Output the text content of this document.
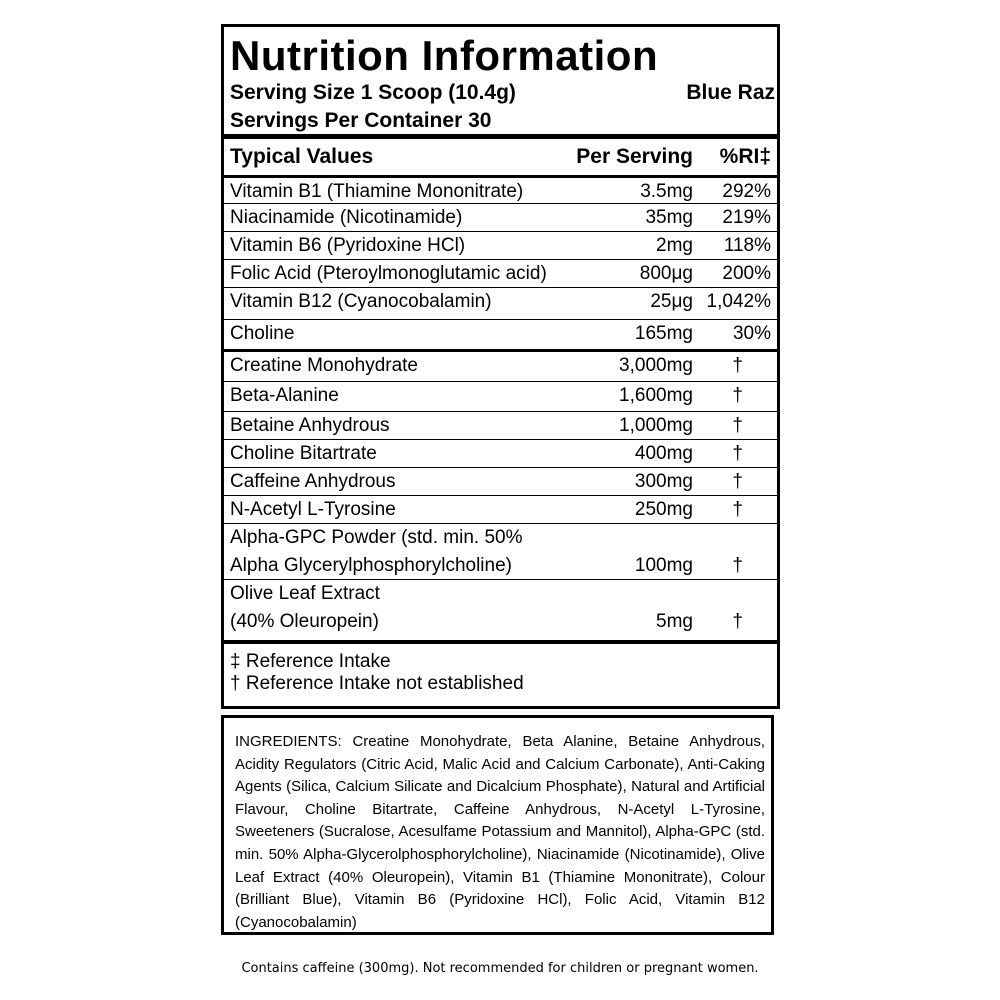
Nutrition Information
Serving Size 1 Scoop (10.4g)	Blue Raz
Servings Per Container 30
Typical Values	Per Serving %RI‡
Vitamin B1 (Thiamine Mononitrate)	3.5mg 292%
Niacinamide (Nicotinamide)	35mg 219%
Vitamin B6 (Pyridoxine HCl)	2mg 118%
Folic Acid (Pteroylmonoglutamic acid)	800μg 200%
Vitamin B12 (Cyanocobalamin)	25μg 1,042%
Choline	165mg 30%
Creatine Monohydrate	3,000mg †
Beta-Alanine	1,600mg †
Betaine Anhydrous	1,000mg †
Choline Bitartrate	400mg †
Caffeine Anhydrous	300mg †
N-Acetyl L-Tyrosine	250mg †
Alpha-GPC Powder (std. min. 50%
Alpha Glycerylphosphorylcholine)	100mg †
Olive Leaf Extract
(40% Oleuropein)	5mg †
‡ Reference Intake
† Reference Intake not established
INGREDIENTS: Creatine Monohydrate, Beta Alanine, Betaine Anhydrous, Acidity Regulators (Citric Acid, Malic Acid and Calcium Carbonate), Anti-Caking Agents (Silica, Calcium Silicate and Dicalcium Phosphate), Natural and Artificial Flavour, Choline Bitartrate, Caffeine Anhydrous, N-Acetyl L-Tyrosine, Sweeteners (Sucralose, Acesulfame Potassium and Mannitol), Alpha-GPC (std. min. 50% Alpha-Glycerolphosphorylcholine), Niacinamide (Nicotinamide), Olive Leaf Extract (40% Oleuropein), Vitamin B1 (Thiamine Mononitrate), Colour (Brilliant Blue), Vitamin B6 (Pyridoxine HCl), Folic Acid, Vitamin B12 (Cyanocobalamin)
Contains caffeine (300mg). Not recommended for children or pregnant women.
